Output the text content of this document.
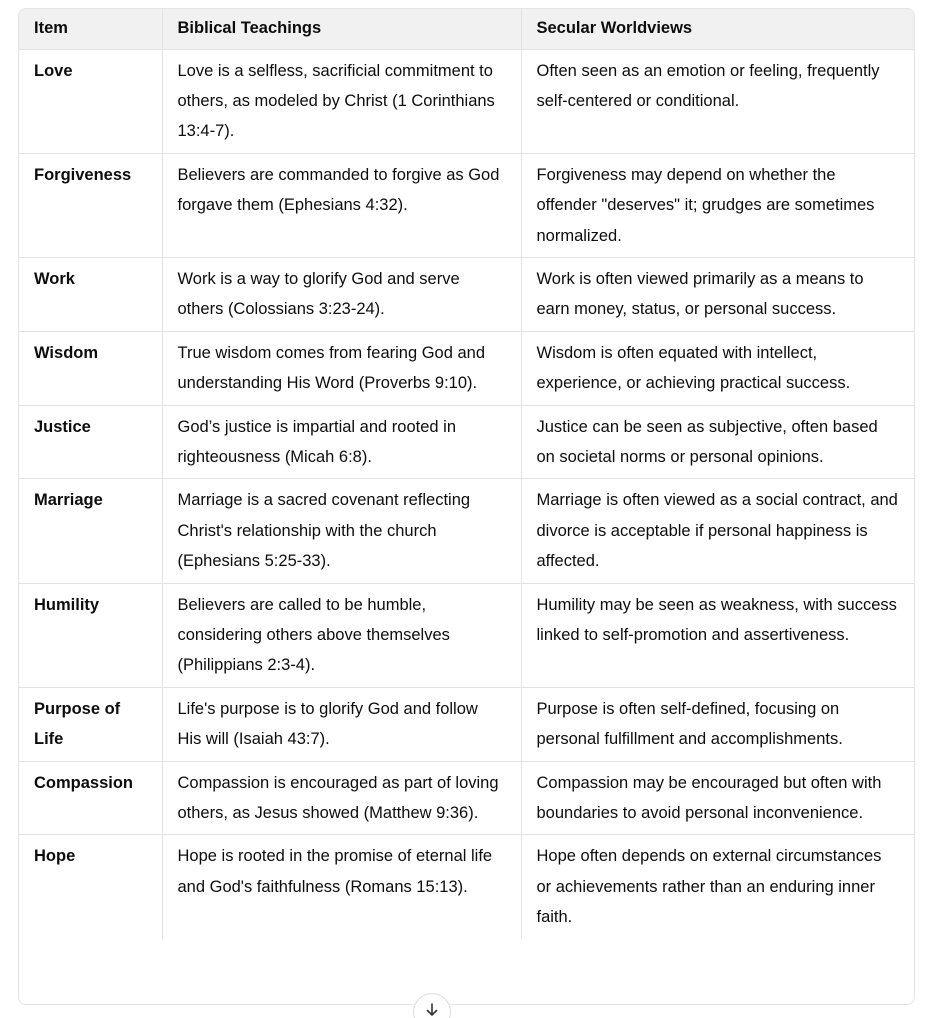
Item	Biblical Teachings	Secular Worldviews
Love	Love is a selfless, sacrificial commitment to others, as modeled by Christ (1 Corinthians 13:4-7).	Often seen as an emotion or feeling, frequently self-centered or conditional.
Forgiveness	Believers are commanded to forgive as God forgave them (Ephesians 4:32).	Forgiveness may depend on whether the offender "deserves" it; grudges are sometimes normalized.
Work	Work is a way to glorify God and serve others (Colossians 3:23-24).	Work is often viewed primarily as a means to earn money, status, or personal success.
Wisdom	True wisdom comes from fearing God and understanding His Word (Proverbs 9:10).	Wisdom is often equated with intellect, experience, or achieving practical success.
Justice	God’s justice is impartial and rooted in righteousness (Micah 6:8).	Justice can be seen as subjective, often based on societal norms or personal opinions.
Marriage	Marriage is a sacred covenant reflecting Christ's relationship with the church (Ephesians 5:25-33).	Marriage is often viewed as a social contract, and divorce is acceptable if personal happiness is affected.
Humility	Believers are called to be humble, considering others above themselves (Philippians 2:3-4).	Humility may be seen as weakness, with success linked to self-promotion and assertiveness.
Purpose of Life	Life's purpose is to glorify God and follow His will (Isaiah 43:7).	Purpose is often self-defined, focusing on personal fulfillment and accomplishments.
Compassion	Compassion is encouraged as part of loving others, as Jesus showed (Matthew 9:36).	Compassion may be encouraged but often with boundaries to avoid personal inconvenience.
Hope	Hope is rooted in the promise of eternal life and God's faithfulness (Romans 15:13).	Hope often depends on external circumstances or achievements rather than an enduring inner faith.
